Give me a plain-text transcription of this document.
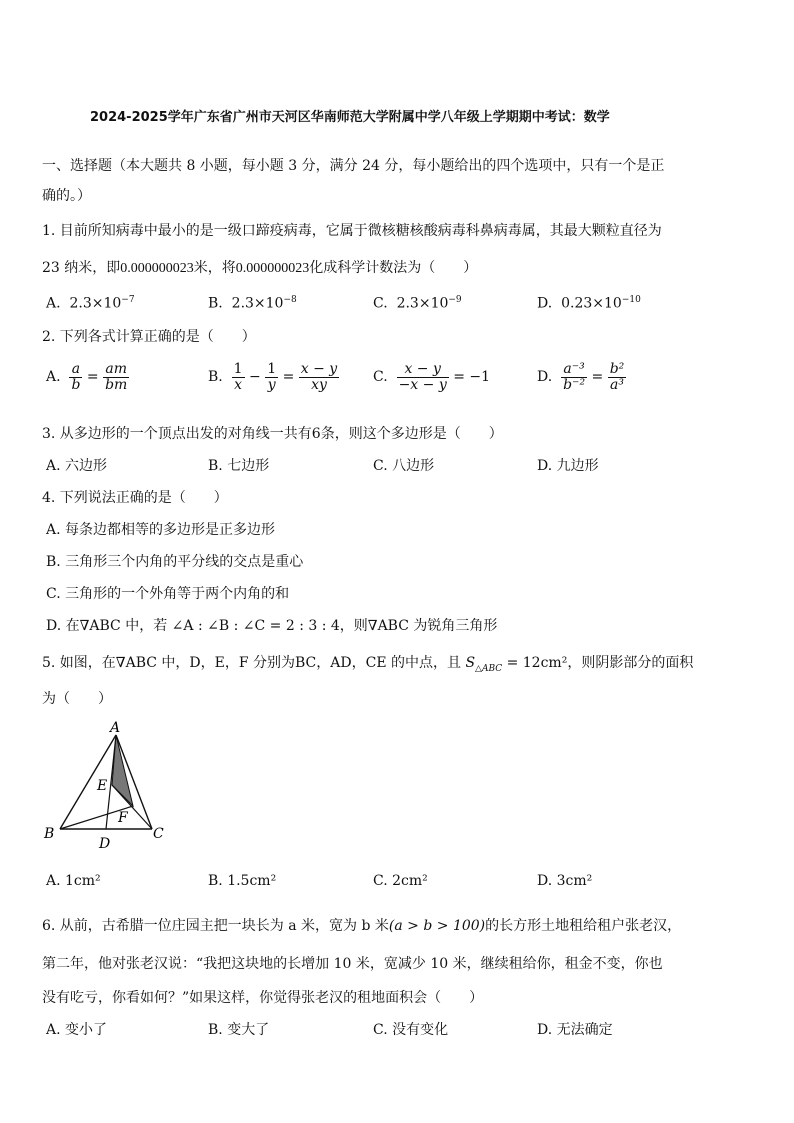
2024-2025学年广东省广州市天河区华南师范大学附属中学八年级上学期期中考试：数学
一、选择题（本大题共 8 小题，每小题 3 分，满分 24 分，每小题给出的四个选项中，只有一个是正
确的。）
1. 目前所知病毒中最小的是一级口蹄疫病毒，它属于微核糖核酸病毒科鼻病毒属，其最大颗粒直径为
23 纳米，即0.000000023米，将0.000000023化成科学计数法为（　　）
A. $2.3\times 10^{-7}$	B. $2.3\times 10^{-8}$	C. $2.3\times 10^{-9}$	D. $0.23\times 10^{-10}$
2. 下列各式计算正确的是（　　）
A. $\frac{a}{b} = \frac{am}{bm}$	B. $\frac{1}{x} - \frac{1}{y} = \frac{x - y}{xy} C$. $\frac{x - y}{-x - y} = -1$	D. $\frac{\text{a⁻³}}{\text{b⁻²}} = \frac{\text{b²}}{\text{a³}}$
3. 从多边形的一个顶点出发的对角线一共有6条，则这个多边形是（　　）
A. 六边形	B. 七边形	C. 八边形	D. 九边形
4. 下列说法正确的是（　　）
A. 每条边都相等的多边形是正多边形
B. 三角形三个内角的平分线的交点是重心
C. 三角形的一个外角等于两个内角的和
D. 在∇ABC 中，若 ∠A : ∠B : ∠C = 2 : 3 : 4，则∇ABC 为锐角三角形
5. 如图，在∇ABC 中，D，E，F 分别为BC，AD，CE 的中点，且 $S_{\triangle ABC} = 12cm^2$，则阴影部分的面积
为（　　）
A
B	C
D
E
F
A. 1cm²	B. 1.5cm²	C. 2cm²	D. 3cm²
6. 从前，古希腊一位庄园主把一块长为 a 米，宽为 b 米(a > b > 100)的长方形土地租给租户张老汉，
第二年，他对张老汉说：“我把这块地的长增加 10 米，宽减少 10 米，继续租给你，租金不变，你也
没有吃亏，你看如何？”如果这样，你觉得张老汉的租地面积会（　　）
A. 变小了	B. 变大了	C. 没有变化	D. 无法确定
